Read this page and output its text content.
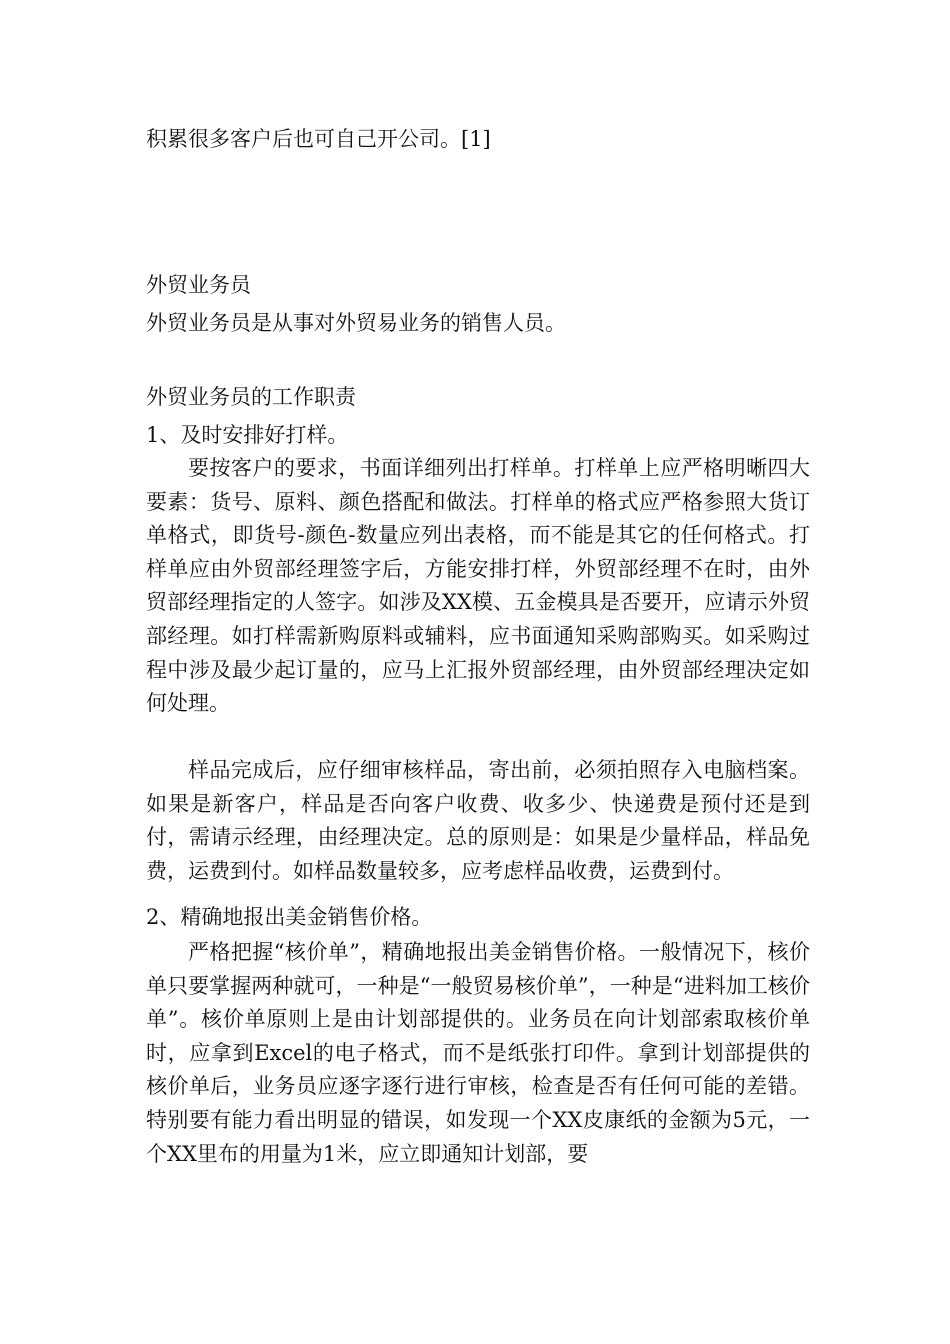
积累很多客户后也可自己开公司。[1]

外贸业务员

外贸业务员是从事对外贸易业务的销售人员。

外贸业务员的工作职责

1、及时安排好打样。

要按客户的要求，书面详细列出打样单。打样单上应严格明晰四大要素：货号、原料、颜色搭配和做法。打样单的格式应严格参照大货订单格式，即货号-颜色-数量应列出表格，而不能是其它的任何格式。打样单应由外贸部经理签字后，方能安排打样，外贸部经理不在时，由外贸部经理指定的人签字。如涉及XX模、五金模具是否要开，应请示外贸部经理。如打样需新购原料或辅料，应书面通知采购部购买。如采购过程中涉及最少起订量的，应马上汇报外贸部经理，由外贸部经理决定如何处理。

样品完成后，应仔细审核样品，寄出前，必须拍照存入电脑档案。如果是新客户，样品是否向客户收费、收多少、快递费是预付还是到付，需请示经理，由经理决定。总的原则是：如果是少量样品，样品免费，运费到付。如样品数量较多，应考虑样品收费，运费到付。

2、精确地报出美金销售价格。

严格把握“核价单”，精确地报出美金销售价格。一般情况下，核价单只要掌握两种就可，一种是“一般贸易核价单”，一种是“进料加工核价单”。核价单原则上是由计划部提供的。业务员在向计划部索取核价单时，应拿到Excel的电子格式，而不是纸张打印件。拿到计划部提供的核价单后，业务员应逐字逐行进行审核，检查是否有任何可能的差错。特别要有能力看出明显的错误，如发现一个XX皮康纸的金额为5元，一个XX里布的用量为1米，应立即通知计划部，要
